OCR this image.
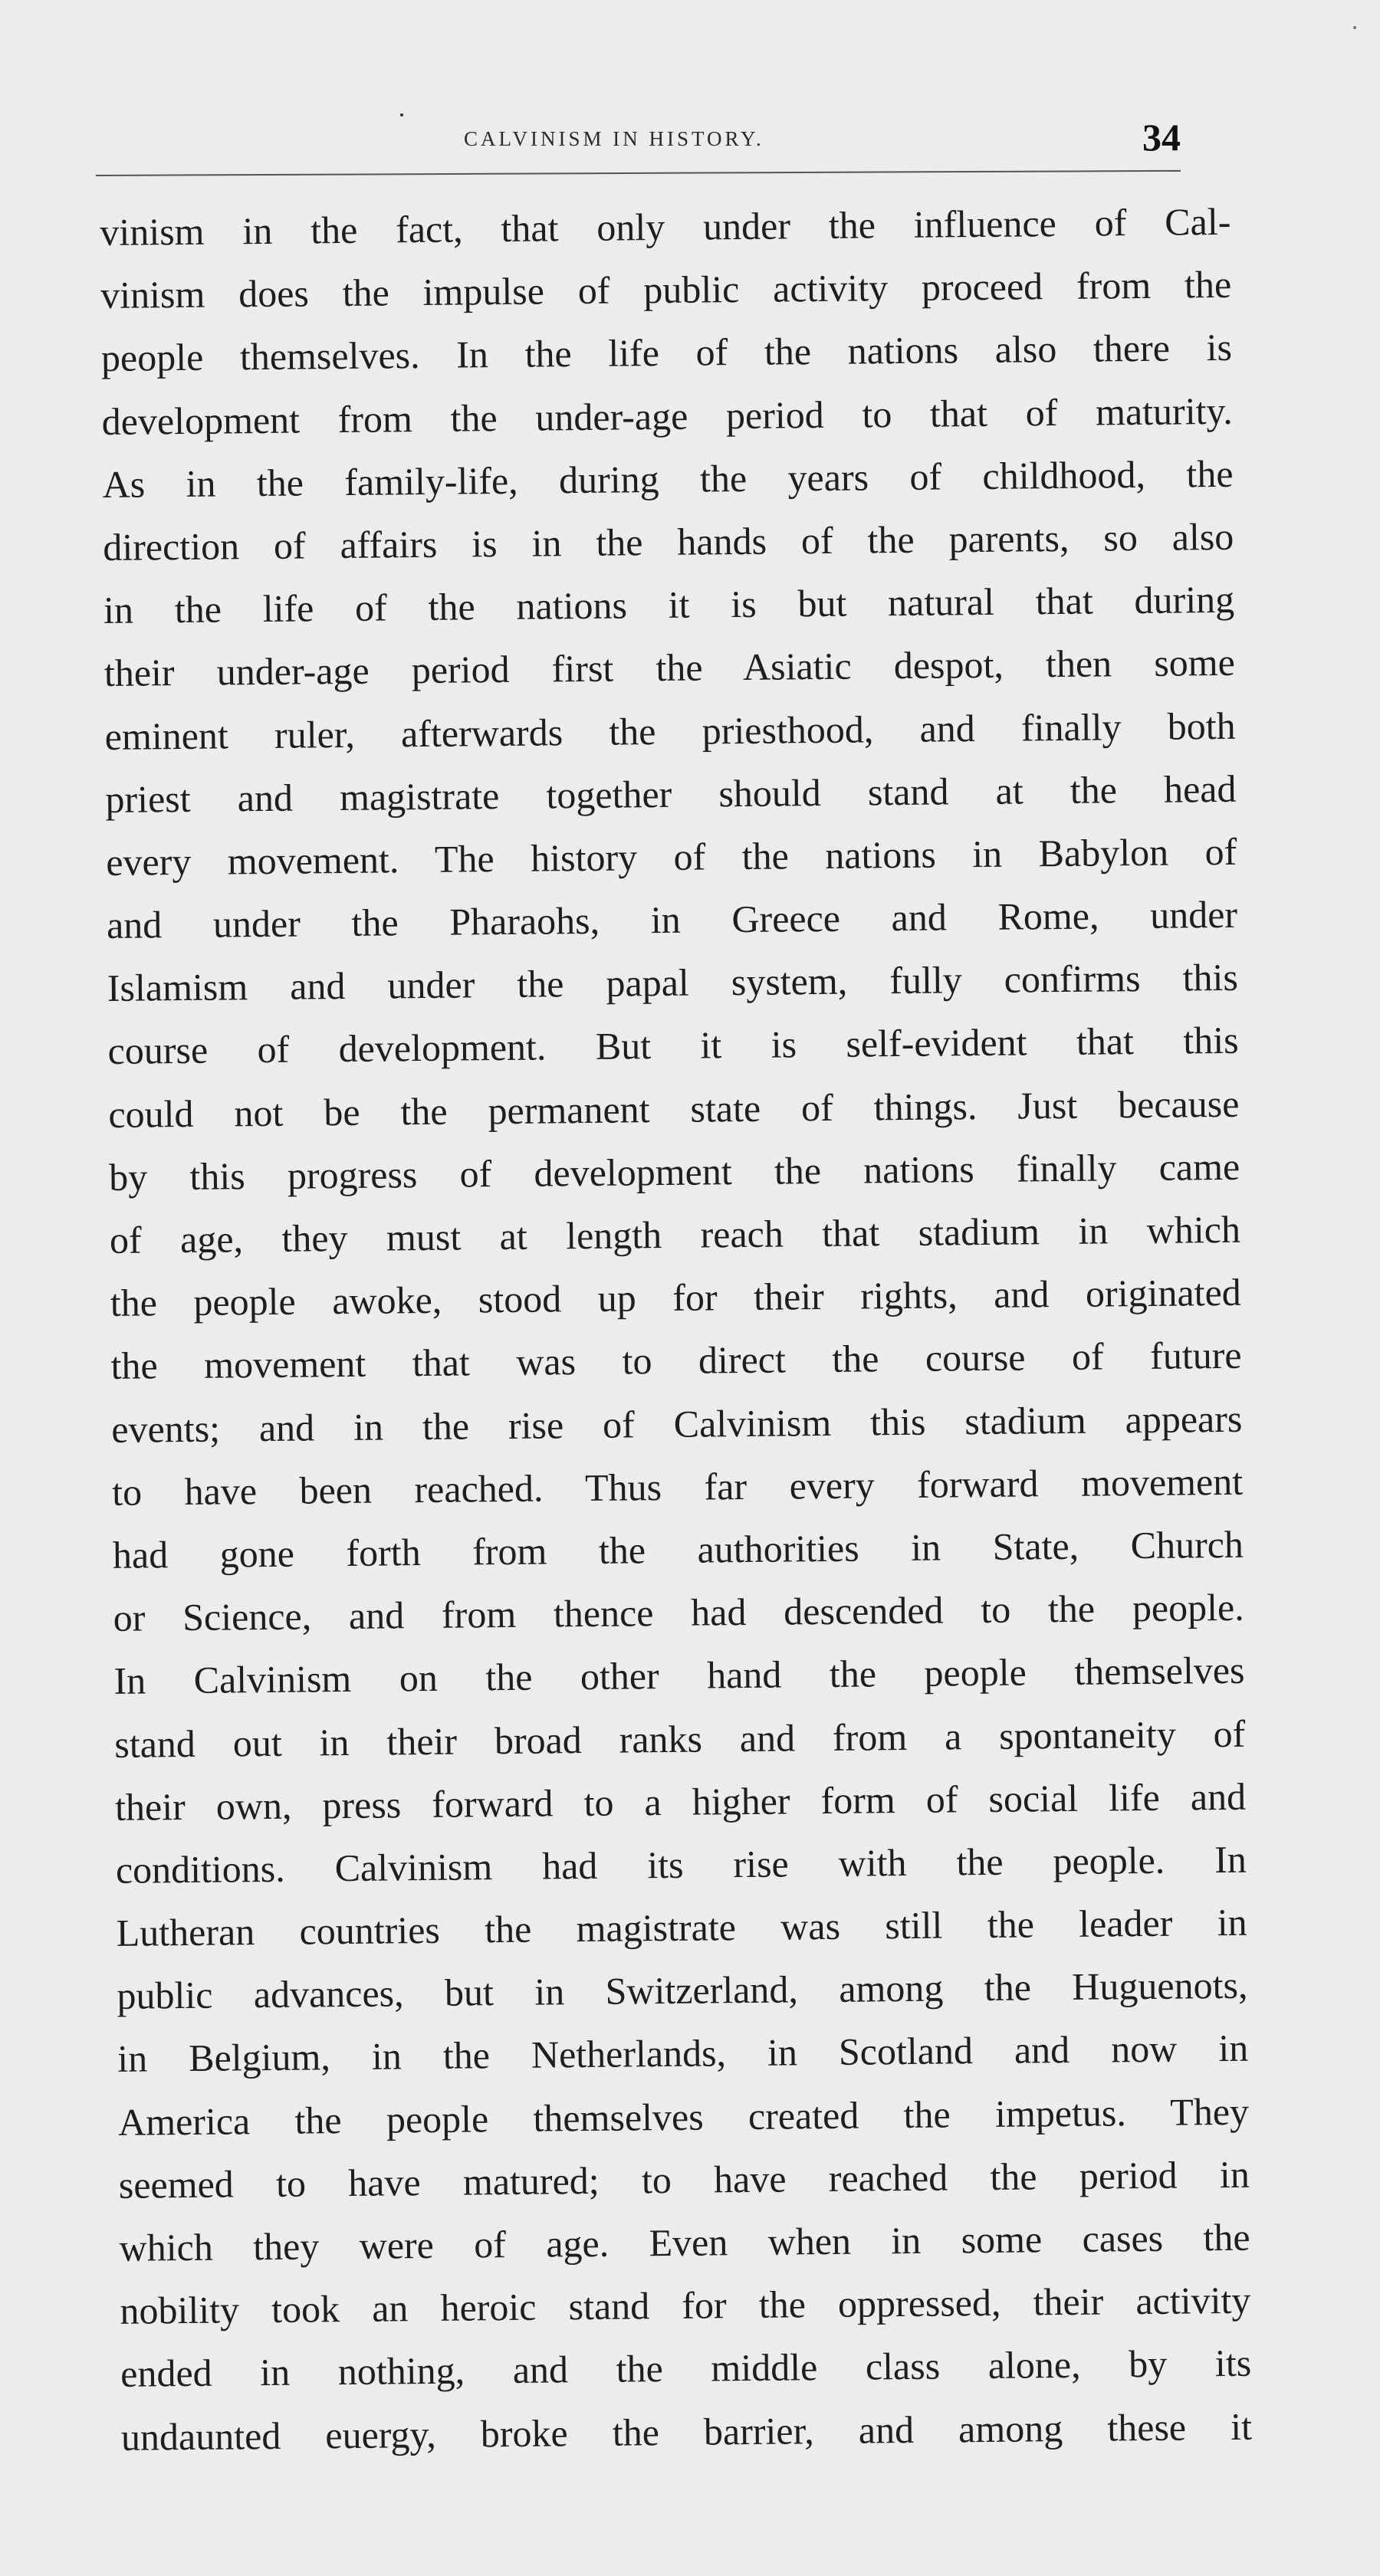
CALVINISM IN HISTORY.	34
vinism in the fact, that only under the influence of Cal-
vinism does the impulse of public activity proceed from the
people themselves. In the life of the nations also there is
development from the under-age period to that of maturity.
As in the family-life, during the years of childhood, the
direction of affairs is in the hands of the parents, so also
in the life of the nations it is but natural that during
their under-age period first the Asiatic despot, then some
eminent ruler, afterwards the priesthood, and finally both
priest and magistrate together should stand at the head
every movement. The history of the nations in Babylon of
and under the Pharaohs, in Greece and Rome, under
Islamism and under the papal system, fully confirms this
course of development. But it is self-evident that this
could not be the permanent state of things. Just because
by this progress of development the nations finally came
of age, they must at length reach that stadium in which
the people awoke, stood up for their rights, and originated
the movement that was to direct the course of future
events; and in the rise of Calvinism this stadium appears
to have been reached. Thus far every forward movement
had gone forth from the authorities in State, Church
or Science, and from thence had descended to the people.
In Calvinism on the other hand the people themselves
stand out in their broad ranks and from a spontaneity of
their own, press forward to a higher form of social life and
conditions. Calvinism had its rise with the people. In
Lutheran countries the magistrate was still the leader in
public advances, but in Switzerland, among the Huguenots,
in Belgium, in the Netherlands, in Scotland and now in
America the people themselves created the impetus. They
seemed to have matured; to have reached the period in
which they were of age. Even when in some cases the
nobility took an heroic stand for the oppressed, their activity
ended in nothing, and the middle class alone, by its
undaunted euergy, broke the barrier, and among these it
